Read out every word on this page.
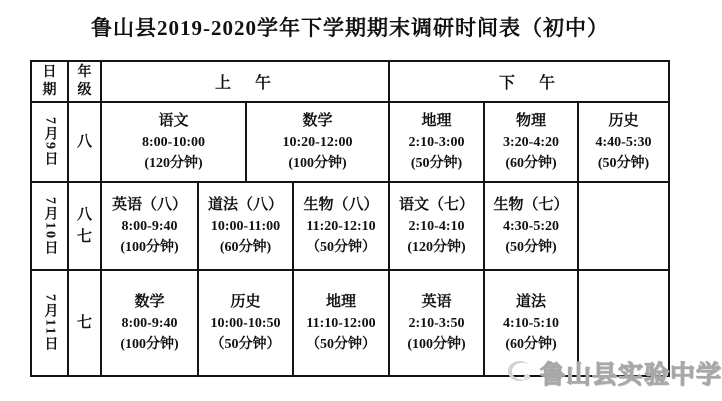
鲁山县2019-2020学年下学期期末调研时间表（初中）
日期
年级	上　午	下　午
7月9日 八
语文
8:00-10:00
(120分钟)
数学
10:20-12:00
(100分钟)
地理
2:10-3:00
(50分钟)
物理
3:20-4:20
(60分钟)
历史
4:40-5:30
(50分钟)
7月10日 八七
英语（八）
8:00-9:40
(100分钟)
道法（八）
10:00-11:00
(60分钟)
生物（八）
11:20-12:10
（50分钟）
语文（七）
2:10-4:10
(120分钟)
生物（七）
4:30-5:20
(50分钟)
7月11日 七
数学
8:00-9:40
(100分钟)
历史
10:00-10:50
（50分钟）
地理
11:10-12:00
（50分钟）
英语
2:10-3:50
(100分钟)
道法
4:10-5:10
(60分钟)
鲁山县实验中学
